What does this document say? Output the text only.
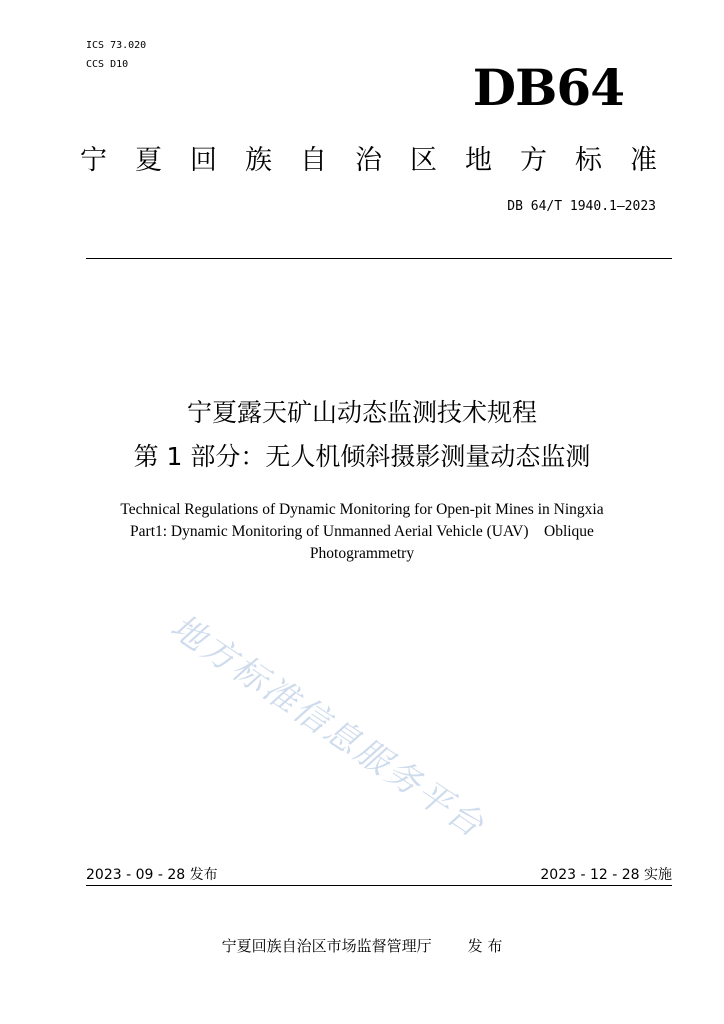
ICS 73.020
CCS D10	DB64
宁夏回族自治区地方标准
DB 64/T 1940.1—2023
宁夏露天矿山动态监测技术规程
第 1 部分：无人机倾斜摄影测量动态监测
Technical Regulations of Dynamic Monitoring for Open-pit Mines in Ningxia
Part1: Dynamic Monitoring of Unmanned Aerial Vehicle (UAV)    Oblique
Photogrammetry
地方标准信息服务平台
2023 - 09 - 28 发布	2023 - 12 - 28 实施
宁夏回族自治区市场监督管理厅 发 布
